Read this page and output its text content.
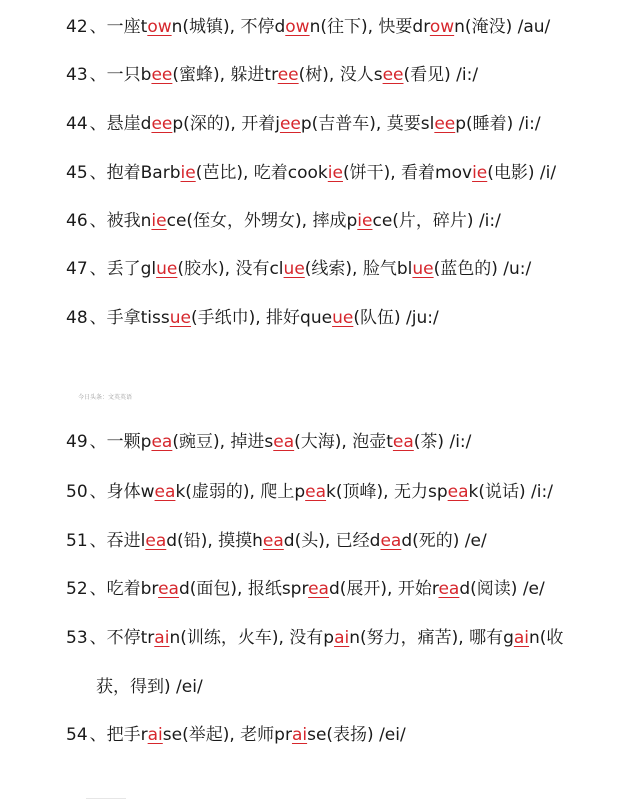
42 、一座town(城镇), 不停down(往下), 快要drown(淹没) /au/
43 、一只bee(蜜蜂), 躲进tree(树), 没人see(看见) /i:/
44 、悬崖deep(深的), 开着jeep(吉普车), 莫要sleep(睡着) /i:/
45 、抱着Barbie(芭比), 吃着cookie(饼干), 看着movie(电影) /i/
46 、被我niece(侄女，外甥女), 摔成piece(片，碎片) /i:/
47 、丢了glue(胶水), 没有clue(线索), 脸气blue(蓝色的) /u:/
48 、手拿tissue(手纸巾), 排好queue(队伍) /ju:/
今日头条：文英英语
49 、一颗pea(豌豆), 掉进sea(大海), 泡壶tea(茶) /i:/
50 、身体weak(虚弱的), 爬上peak(顶峰), 无力speak(说话) /i:/
51 、吞进lead(铅), 摸摸head(头), 已经dead(死的) /e/
52 、吃着bread(面包), 报纸spread(展开), 开始read(阅读) /e/
53 、不停train(训练，火车), 没有pain(努力，痛苦), 哪有gain(收
获，得到) /ei/
54 、把手raise(举起), 老师praise(表扬) /ei/
